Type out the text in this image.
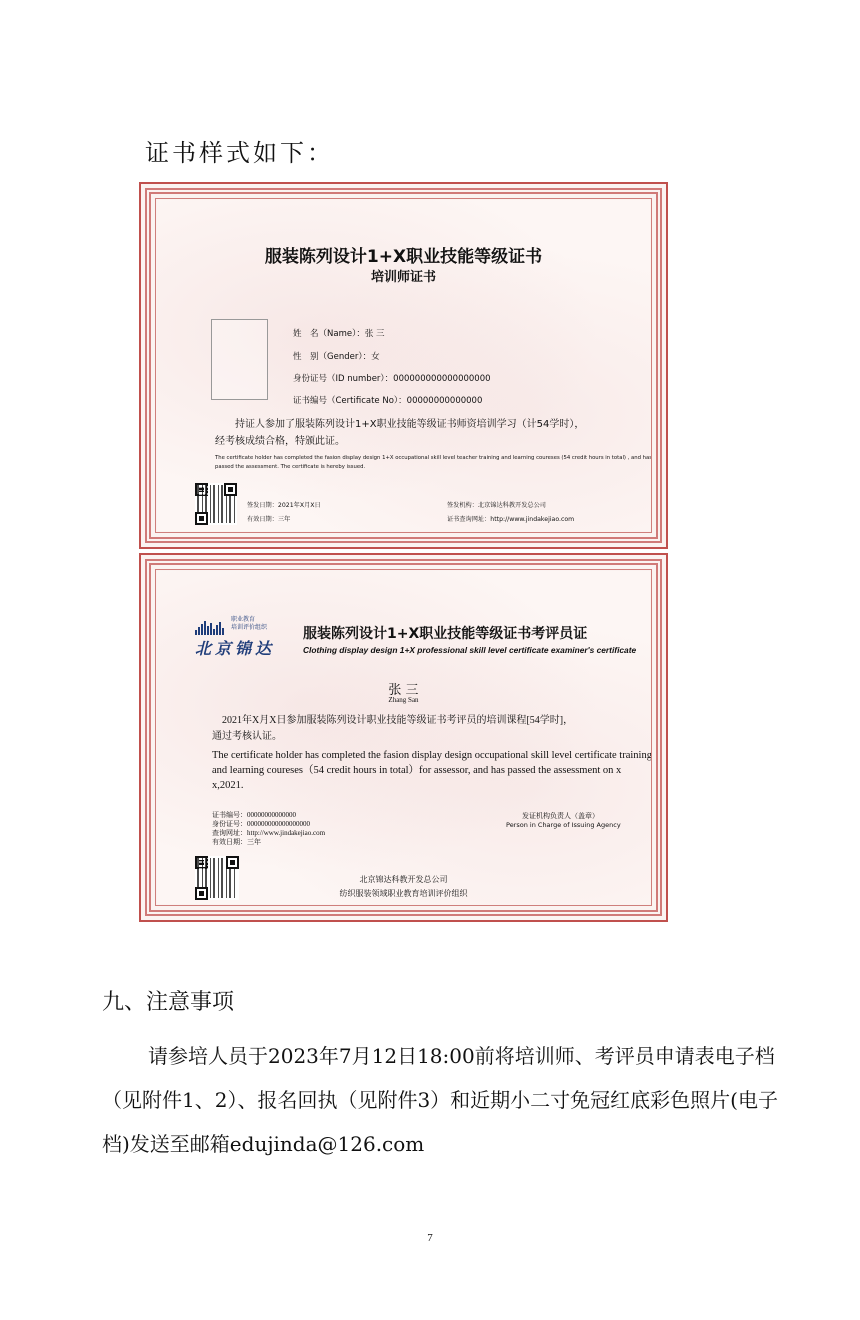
证书样式如下：
服装陈列设计1+X职业技能等级证书
培训师证书
姓　名（Name）：张 三
性　别（Gender）：女
身份证号（ID number）：000000000000000000
证书编号（Certificate No）：00000000000000
持证人参加了服装陈列设计1+X职业技能等级证书师资培训学习（计54学时），
经考核成绩合格，特颁此证。
The certificate holder has completed the fasion display design 1+X occupational skill level teacher training and learning coureses (54 credit hours in total) , and has passed the assessment. The certificate is hereby issued.
签发日期：2021年X月X日
有效日期：三年
签发机构：北京锦达科教开发总公司
证书查询网址：http://www.jindakejiao.com
职业教育
培训评价组织
北京锦达
服装陈列设计1+X职业技能等级证书考评员证
Clothing display design 1+X professional skill level certificate examiner's certificate
张 三
Zhang San
2021年X月X日参加服装陈列设计职业技能等级证书考评员的培训课程[54学时]，
通过考核认证。
The certificate holder has completed the fasion display design occupational skill level certificate training and learning coureses（54 credit hours in total）for assessor, and has passed the assessment on x x,2021.
证书编号：00000000000000
身份证号：000000000000000000
查询网址：http://www.jindakejiao.com
有效日期：三年
发证机构负责人（盖章）
Person in Charge of Issuing Agency
北京锦达科教开发总公司
纺织服装领域职业教育培训评价组织
九、注意事项
请参培人员于2023年7月12日18:00前将培训师、考评员申请表电子档（见附件1、2）、报名回执（见附件3）和近期小二寸免冠红底彩色照片(电子档)发送至邮箱edujinda@126.com
7
